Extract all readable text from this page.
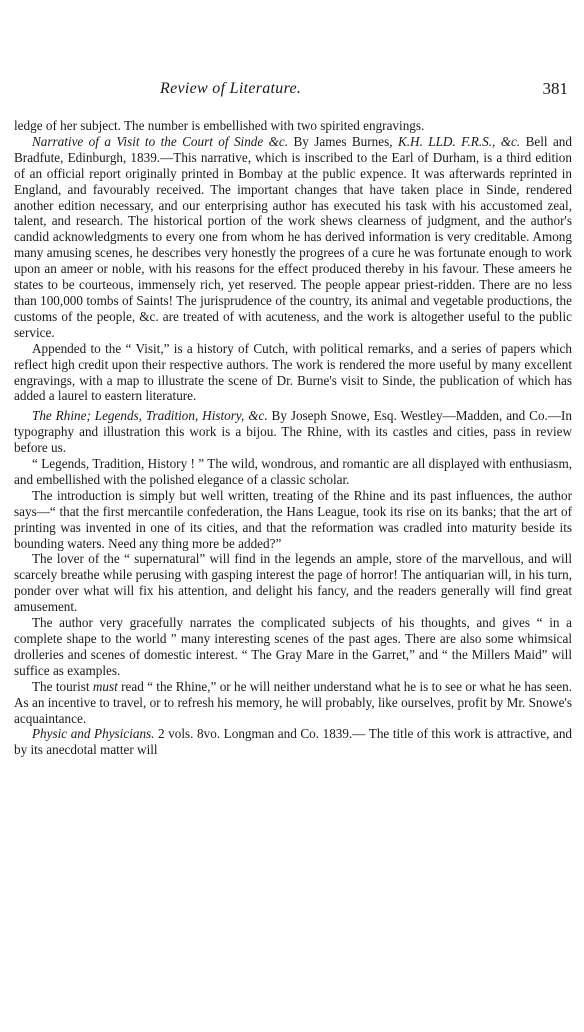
Review of Literature.	381

ledge of her subject. The number is embellished with two spirited engravings.

Narrative of a Visit to the Court of Sinde &c. By James Burnes, K.H. LLD. F.R.S., &c. Bell and Bradfute, Edinburgh, 1839.—This narrative, which is inscribed to the Earl of Durham, is a third edition of an official report originally printed in Bombay at the public expence. It was afterwards reprinted in England, and favourably received. The important changes that have taken place in Sinde, rendered another edition necessary, and our enterprising author has executed his task with his accustomed zeal, talent, and research. The historical portion of the work shews clearness of judgment, and the author's candid acknowledgments to every one from whom he has derived information is very creditable. Among many amusing scenes, he describes very honestly the progrees of a cure he was fortunate enough to work upon an ameer or noble, with his reasons for the effect produced thereby in his favour. These ameers he states to be courteous, immensely rich, yet reserved. The people appear priest-ridden. There are no less than 100,000 tombs of Saints! The jurisprudence of the country, its animal and vegetable productions, the customs of the people, &c. are treated of with acuteness, and the work is altogether useful to the public service.

Appended to the “ Visit,” is a history of Cutch, with political remarks, and a series of papers which reflect high credit upon their respective authors. The work is rendered the more useful by many excellent engravings, with a map to illustrate the scene of Dr. Burne's visit to Sinde, the publication of which has added a laurel to eastern literature.

The Rhine; Legends, Tradition, History, &c. By Joseph Snowe, Esq. Westley—Madden, and Co.—In typography and illustration this work is a bijou. The Rhine, with its castles and cities, pass in review before us.

“ Legends, Tradition, History ! ” The wild, wondrous, and romantic are all displayed with enthusiasm, and embellished with the polished elegance of a classic scholar.

The introduction is simply but well written, treating of the Rhine and its past influences, the author says—“ that the first mercantile confederation, the Hans League, took its rise on its banks; that the art of printing was invented in one of its cities, and that the reformation was cradled into maturity beside its bounding waters. Need any thing more be added?”

The lover of the “ supernatural” will find in the legends an ample, store of the marvellous, and will scarcely breathe while perusing with gasping interest the page of horror! The antiquarian will, in his turn, ponder over what will fix his attention, and delight his fancy, and the readers generally will find great amusement.

The author very gracefully narrates the complicated subjects of his thoughts, and gives “ in a complete shape to the world ” many interesting scenes of the past ages. There are also some whimsical drolleries and scenes of domestic interest. “ The Gray Mare in the Garret,” and “ the Millers Maid” will suffice as examples.

The tourist must read “ the Rhine,” or he will neither understand what he is to see or what he has seen. As an incentive to travel, or to refresh his memory, he will probably, like ourselves, profit by Mr. Snowe's acquaintance.

Physic and Physicians. 2 vols. 8vo. Longman and Co. 1839.— The title of this work is attractive, and by its anecdotal matter will
